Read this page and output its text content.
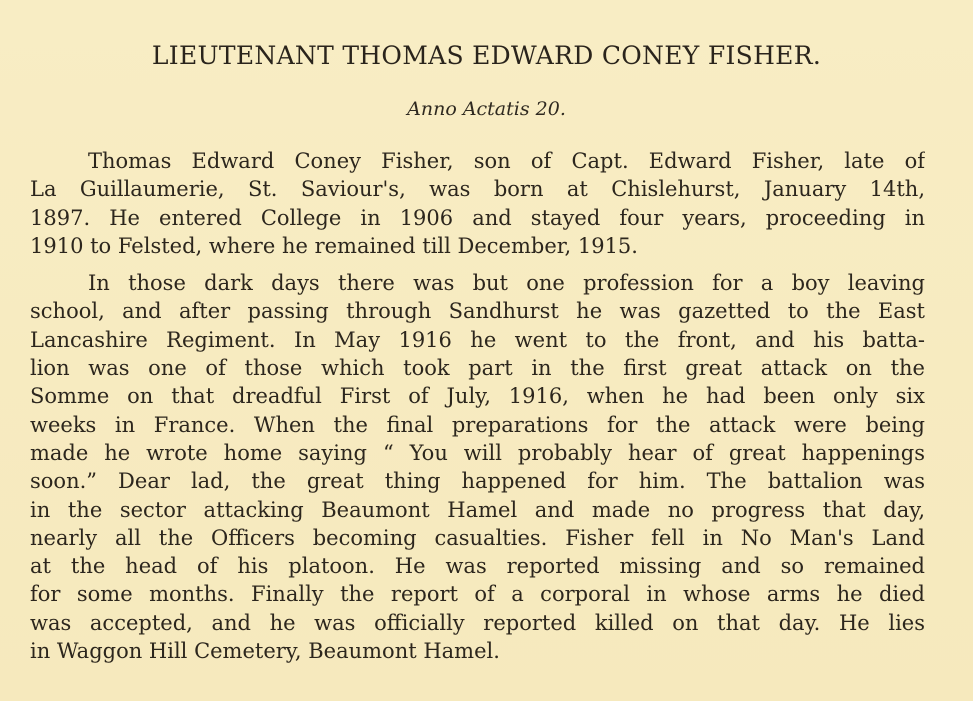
LIEUTENANT THOMAS EDWARD CONEY FISHER.
Anno Actatis 20.

Thomas Edward Coney Fisher, son of Capt. Edward Fisher, late of
La Guillaumerie, St. Saviour's, was born at Chislehurst, January 14th,
1897. He entered College in 1906 and stayed four years, proceeding in
1910 to Felsted, where he remained till December, 1915.

In those dark days there was but one profession for a boy leaving
school, and after passing through Sandhurst he was gazetted to the East
Lancashire Regiment. In May 1916 he went to the front, and his batta-
lion was one of those which took part in the first great attack on the
Somme on that dreadful First of July, 1916, when he had been only six
weeks in France. When the final preparations for the attack were being
made he wrote home saying “ You will probably hear of great happenings
soon.” Dear lad, the great thing happened for him. The battalion was
in the sector attacking Beaumont Hamel and made no progress that day,
nearly all the Officers becoming casualties. Fisher fell in No Man's Land
at the head of his platoon. He was reported missing and so remained
for some months. Finally the report of a corporal in whose arms he died
was accepted, and he was officially reported killed on that day. He lies
in Waggon Hill Cemetery, Beaumont Hamel.
